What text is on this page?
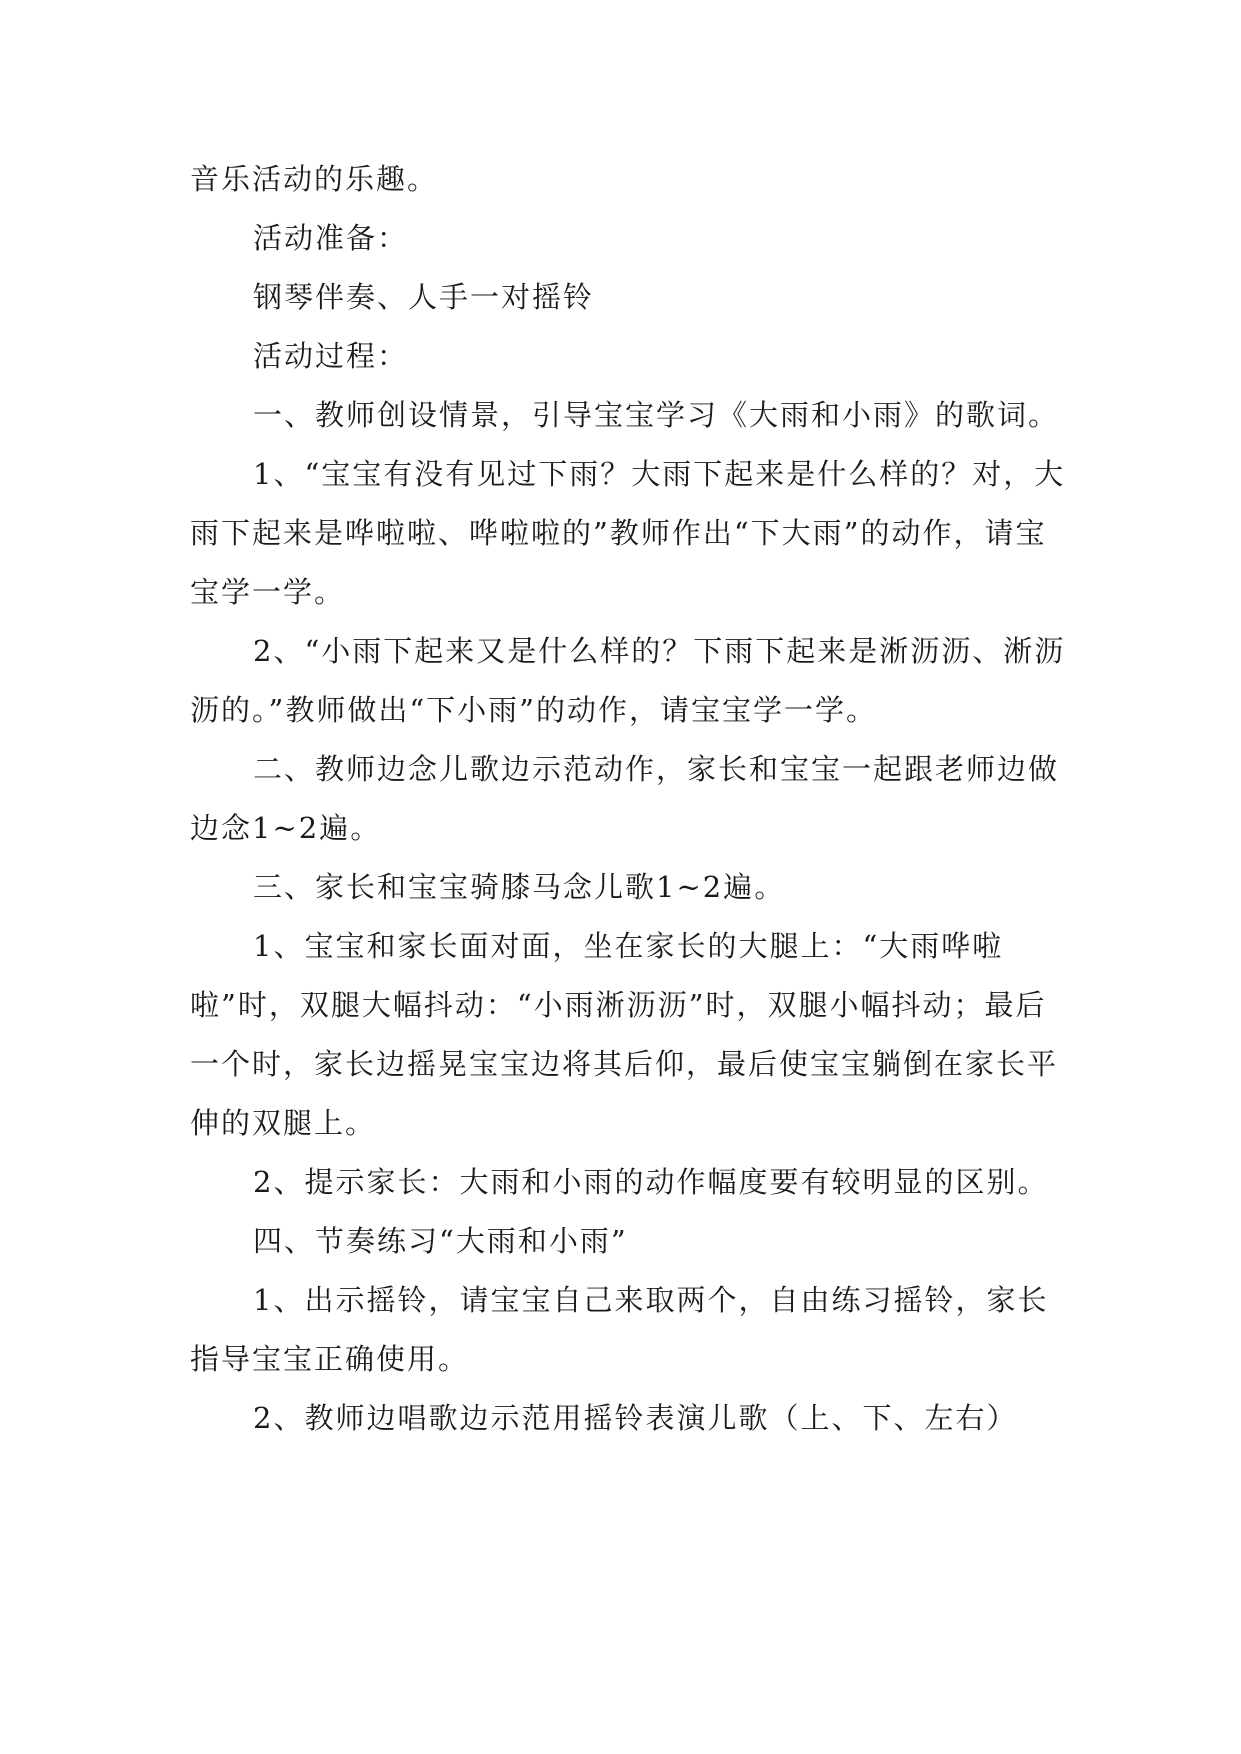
音乐活动的乐趣。

活动准备：

钢琴伴奏、人手一对摇铃

活动过程：

一、教师创设情景，引导宝宝学习《大雨和小雨》的歌词。

1、“宝宝有没有见过下雨？大雨下起来是什么样的？对，大雨下起来是哗啦啦、哗啦啦的”教师作出“下大雨”的动作，请宝宝学一学。

2、“小雨下起来又是什么样的？下雨下起来是淅沥沥、淅沥沥的。”教师做出“下小雨”的动作，请宝宝学一学。

二、教师边念儿歌边示范动作，家长和宝宝一起跟老师边做边念1~2遍。

三、家长和宝宝骑膝马念儿歌1~2遍。

1、宝宝和家长面对面，坐在家长的大腿上：“大雨哗啦啦”时，双腿大幅抖动：“小雨淅沥沥”时，双腿小幅抖动；最后一个时，家长边摇晃宝宝边将其后仰，最后使宝宝躺倒在家长平伸的双腿上。

2、提示家长：大雨和小雨的动作幅度要有较明显的区别。

四、节奏练习“大雨和小雨”

1、出示摇铃，请宝宝自己来取两个，自由练习摇铃，家长指导宝宝正确使用。

2、教师边唱歌边示范用摇铃表演儿歌（上、下、左右）
